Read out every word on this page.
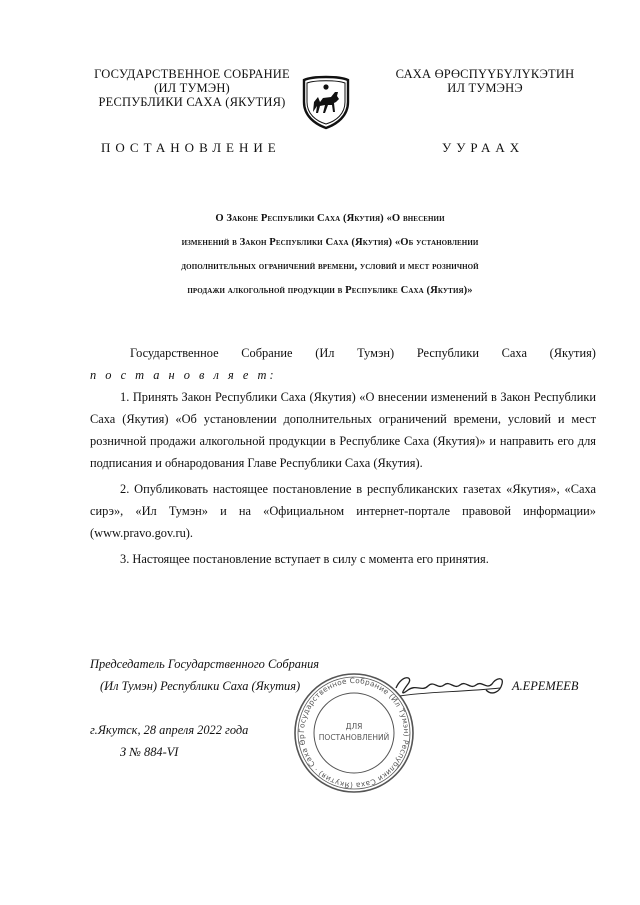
ГОСУДАРСТВЕННОЕ СОБРАНИЕ
(ИЛ ТУМЭН)
РЕСПУБЛИКИ САХА (ЯКУТИЯ)
САХА ӨРӨСПҮҮБҮЛҮКЭТИН
ИЛ ТУМЭНЭ
ПОСТАНОВЛЕНИЕ	УУРААХ
О Законе Республики Саха (Якутия) «О внесении
изменений в Закон Республики Саха (Якутия) «Об установлении
дополнительных ограничений времени, условий и мест розничной
продажи алкогольной продукции в Республике Саха (Якутия)»
Государственное Собрание (Ил Тумэн) Республики Саха (Якутия)

п о с т а н о в л я е т:

1. Принять Закон Республики Саха (Якутия) «О внесении изменений в Закон Республики Саха (Якутия) «Об установлении дополнительных ограничений времени, условий и мест розничной продажи алкогольной продукции в Республике Саха (Якутия)» и направить его для подписания и обнародования Главе Республики Саха (Якутия).

2. Опубликовать настоящее постановление в республиканских газетах «Якутия», «Саха сирэ», «Ил Тумэн» и на «Официальном интернет-портале правовой информации» (www.pravo.gov.ru).

3. Настоящее постановление вступает в силу с момента его принятия.

Государственное Собрание (Ил Тумэн) Республики Саха (Якутия) · Саха Өр
ДЛЯ
ПОСТАНОВЛЕНИЙ
Председатель Государственного Собрания
(Ил Тумэн) Республики Саха (Якутия)	А.ЕРЕМЕЕВ
г.Якутск, 28 апреля 2022 года
З № 884-VI
